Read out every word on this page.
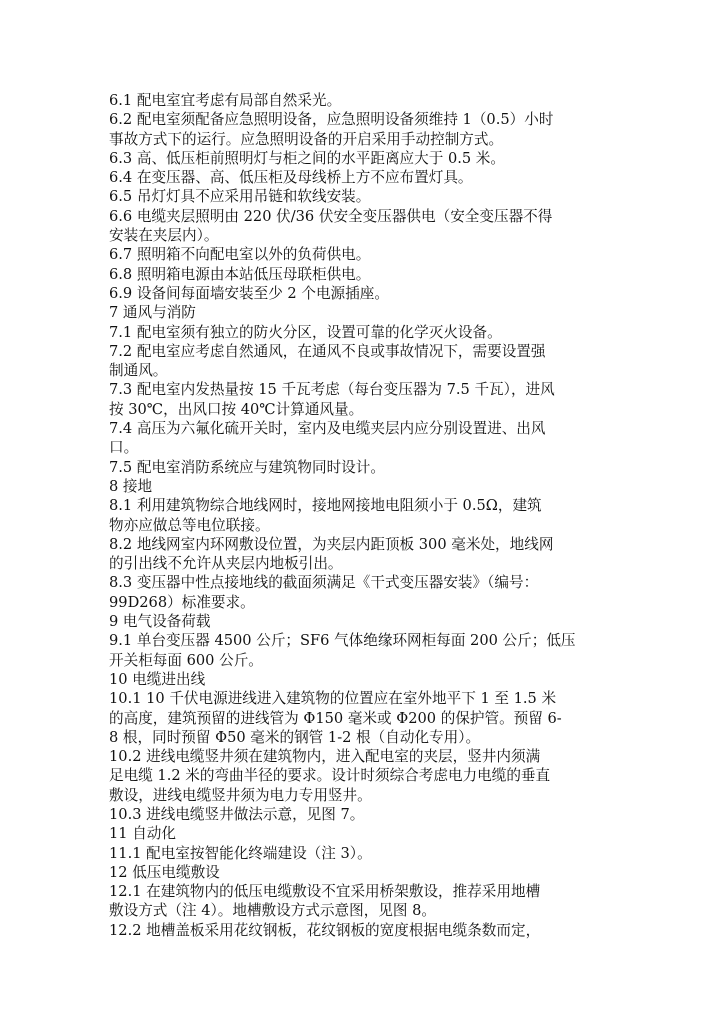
6.1 配电室宜考虑有局部自然采光。
6.2 配电室须配备应急照明设备，应急照明设备须维持 1（0.5）小时
事故方式下的运行。应急照明设备的开启采用手动控制方式。
6.3 高、低压柜前照明灯与柜之间的水平距离应大于 0.5 米。
6.4 在变压器、高、低压柜及母线桥上方不应布置灯具。
6.5 吊灯灯具不应采用吊链和软线安装。
6.6 电缆夹层照明由 220 伏/36 伏安全变压器供电（安全变压器不得
安装在夹层内）。
6.7 照明箱不向配电室以外的负荷供电。
6.8 照明箱电源由本站低压母联柜供电。
6.9 设备间每面墙安装至少 2 个电源插座。
7 通风与消防
7.1 配电室须有独立的防火分区，设置可靠的化学灭火设备。
7.2 配电室应考虑自然通风，在通风不良或事故情况下，需要设置强
制通风。
7.3 配电室内发热量按 15 千瓦考虑（每台变压器为 7.5 千瓦），进风
按 30℃，出风口按 40℃计算通风量。
7.4 高压为六氟化硫开关时，室内及电缆夹层内应分别设置进、出风
口。
7.5 配电室消防系统应与建筑物同时设计。
8 接地
8.1 利用建筑物综合地线网时，接地网接地电阻须小于 0.5Ω，建筑
物亦应做总等电位联接。
8.2 地线网室内环网敷设位置，为夹层内距顶板 300 毫米处，地线网
的引出线不允许从夹层内地板引出。
8.3 变压器中性点接地线的截面须满足《干式变压器安装》（编号：
99D268）标准要求。
9 电气设备荷载
9.1 单台变压器 4500 公斤；SF6 气体绝缘环网柜每面 200 公斤；低压
开关柜每面 600 公斤。
10 电缆进出线
10.1 10 千伏电源进线进入建筑物的位置应在室外地平下 1 至 1.5 米
的高度，建筑预留的进线管为 Φ150 毫米或 Φ200 的保护管。预留 6-
8 根，同时预留 Φ50 毫米的钢管 1-2 根（自动化专用）。
10.2 进线电缆竖井须在建筑物内，进入配电室的夹层，竖井内须满
足电缆 1.2 米的弯曲半径的要求。设计时须综合考虑电力电缆的垂直
敷设，进线电缆竖井须为电力专用竖井。
10.3 进线电缆竖井做法示意，见图 7。
11 自动化
11.1 配电室按智能化终端建设（注 3）。
12 低压电缆敷设
12.1 在建筑物内的低压电缆敷设不宜采用桥架敷设，推荐采用地槽
敷设方式（注 4）。地槽敷设方式示意图，见图 8。
12.2 地槽盖板采用花纹钢板，花纹钢板的宽度根据电缆条数而定，
